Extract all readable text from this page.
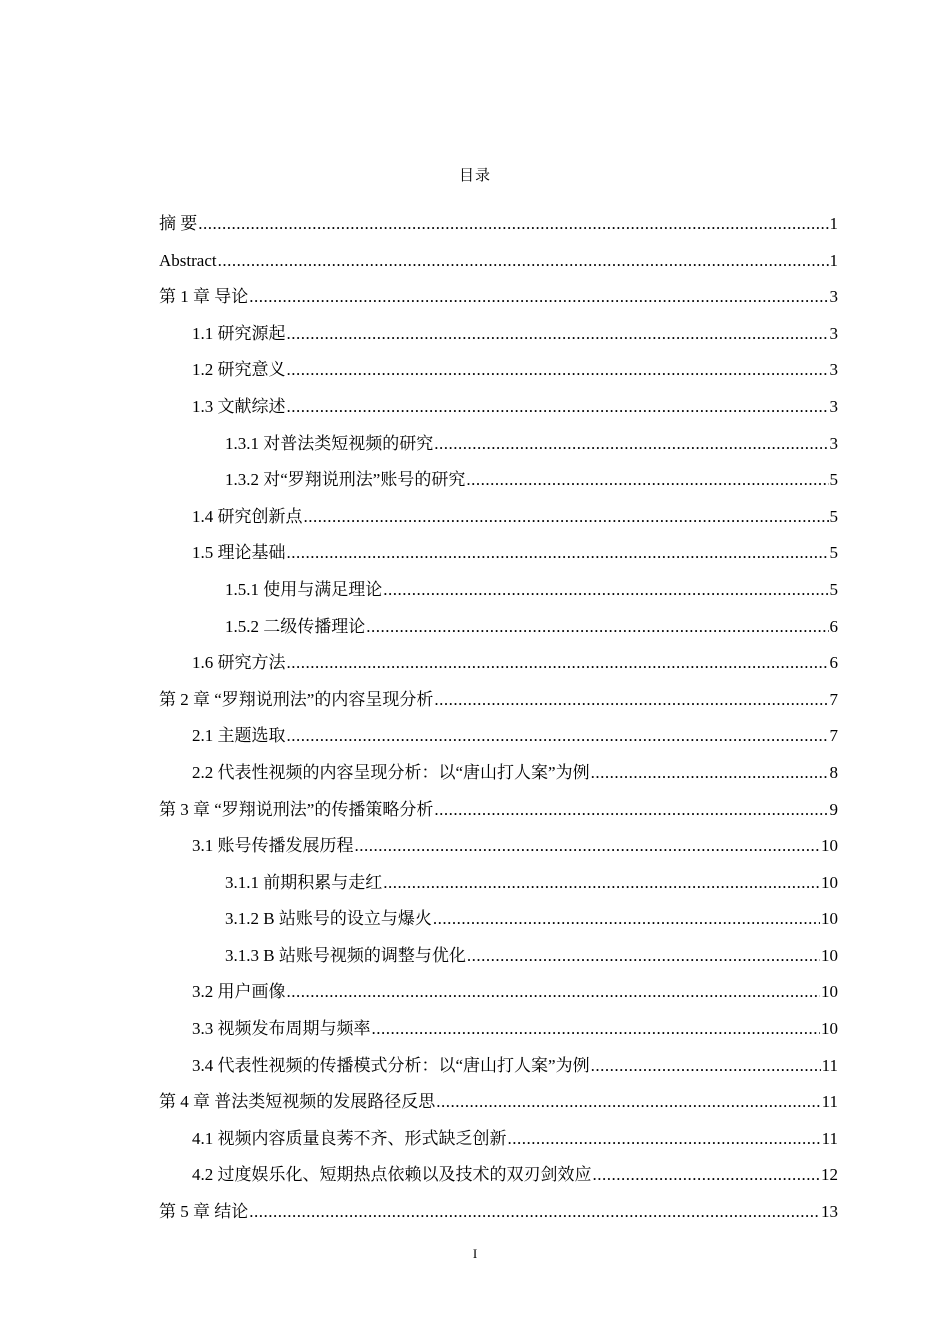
目录
摘 要 .....	1
Abstract .....	1
第 1 章 导论 .....	3
1.1 研究源起 .....	3
1.2 研究意义 .....	3
1.3 文献综述 .....	3
1.3.1 对普法类短视频的研究 .....	3
1.3.2 对“罗翔说刑法”账号的研究 .....	5
1.4 研究创新点 .....	5
1.5 理论基础 .....	5
1.5.1 使用与满足理论 .....	5
1.5.2 二级传播理论 .....	6
1.6 研究方法 .....	6
第 2 章 “罗翔说刑法”的内容呈现分析 .....	7
2.1 主题选取 .....	7
2.2 代表性视频的内容呈现分析：以“唐山打人案”为例 .....	8
第 3 章 “罗翔说刑法”的传播策略分析 .....	9
3.1 账号传播发展历程 .....	10
3.1.1 前期积累与走红 .....	10
3.1.2 B 站账号的设立与爆火 .....	10
3.1.3 B 站账号视频的调整与优化 .....	10
3.2 用户画像 .....	10
3.3 视频发布周期与频率 .....	10
3.4 代表性视频的传播模式分析：以“唐山打人案”为例 .....	11
第 4 章 普法类短视频的发展路径反思 .....	11
4.1 视频内容质量良莠不齐、形式缺乏创新 .....	11
4.2 过度娱乐化、短期热点依赖以及技术的双刃剑效应 .....	12
第 5 章 结论 .....	13
I
